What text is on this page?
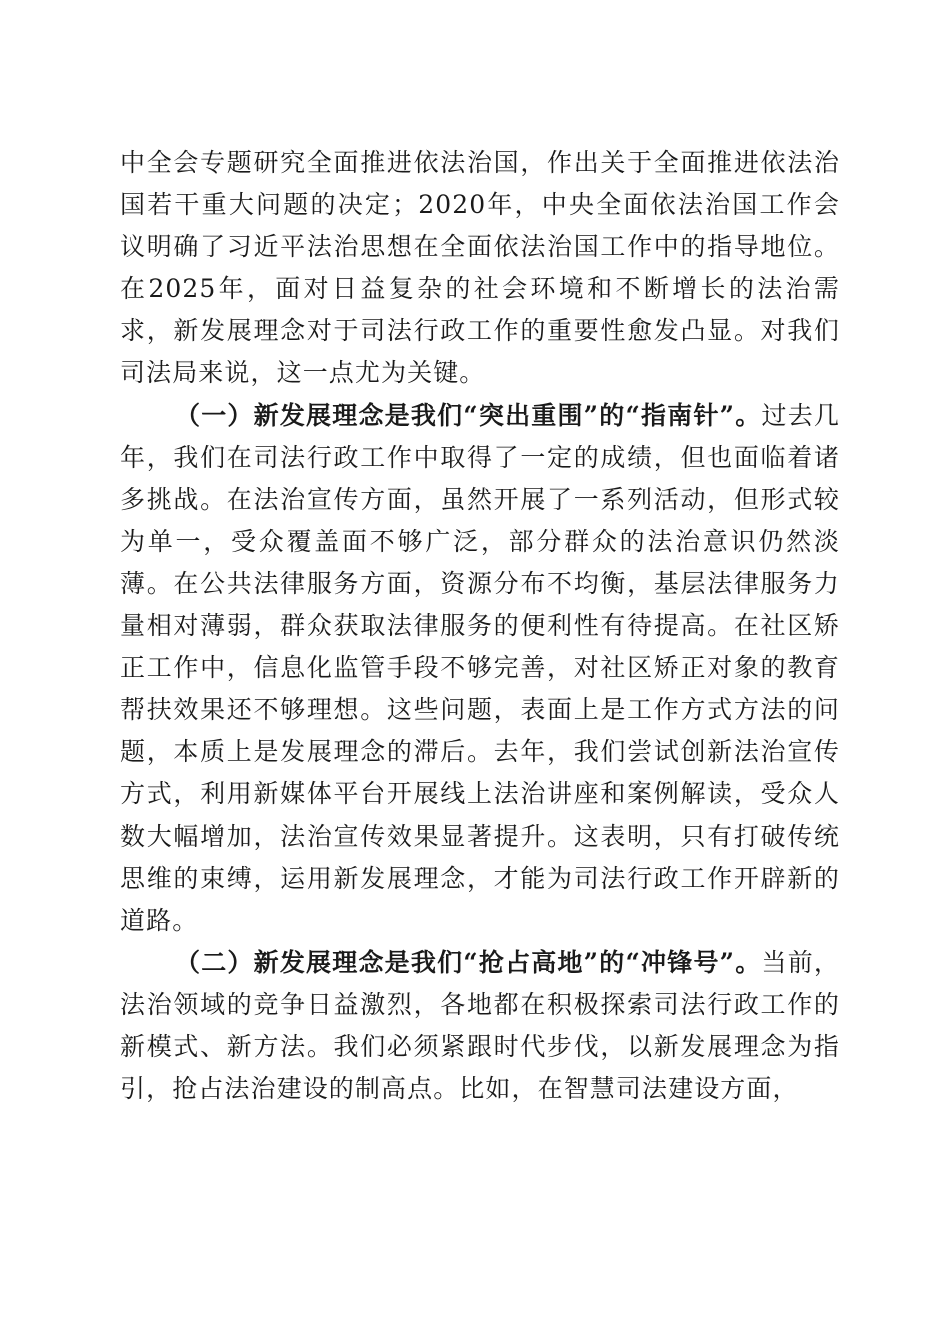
中全会专题研究全面推进依法治国，作出关于全面推进依法治国若干重大问题的决定；2020年，中央全面依法治国工作会议明确了习近平法治思想在全面依法治国工作中的指导地位。在2025年，面对日益复杂的社会环境和不断增长的法治需求，新发展理念对于司法行政工作的重要性愈发凸显。对我们司法局来说，这一点尤为关键。

（一）新发展理念是我们“突出重围”的“指南针”。过去几年，我们在司法行政工作中取得了一定的成绩，但也面临着诸多挑战。在法治宣传方面，虽然开展了一系列活动，但形式较为单一，受众覆盖面不够广泛，部分群众的法治意识仍然淡薄。在公共法律服务方面，资源分布不均衡，基层法律服务力量相对薄弱，群众获取法律服务的便利性有待提高。在社区矫正工作中，信息化监管手段不够完善，对社区矫正对象的教育帮扶效果还不够理想。这些问题，表面上是工作方式方法的问题，本质上是发展理念的滞后。去年，我们尝试创新法治宣传方式，利用新媒体平台开展线上法治讲座和案例解读，受众人数大幅增加，法治宣传效果显著提升。这表明，只有打破传统思维的束缚，运用新发展理念，才能为司法行政工作开辟新的道路。

（二）新发展理念是我们“抢占高地”的“冲锋号”。当前，法治领域的竞争日益激烈，各地都在积极探索司法行政工作的新模式、新方法。我们必须紧跟时代步伐，以新发展理念为指引，抢占法治建设的制高点。比如，在智慧司法建设方面，
